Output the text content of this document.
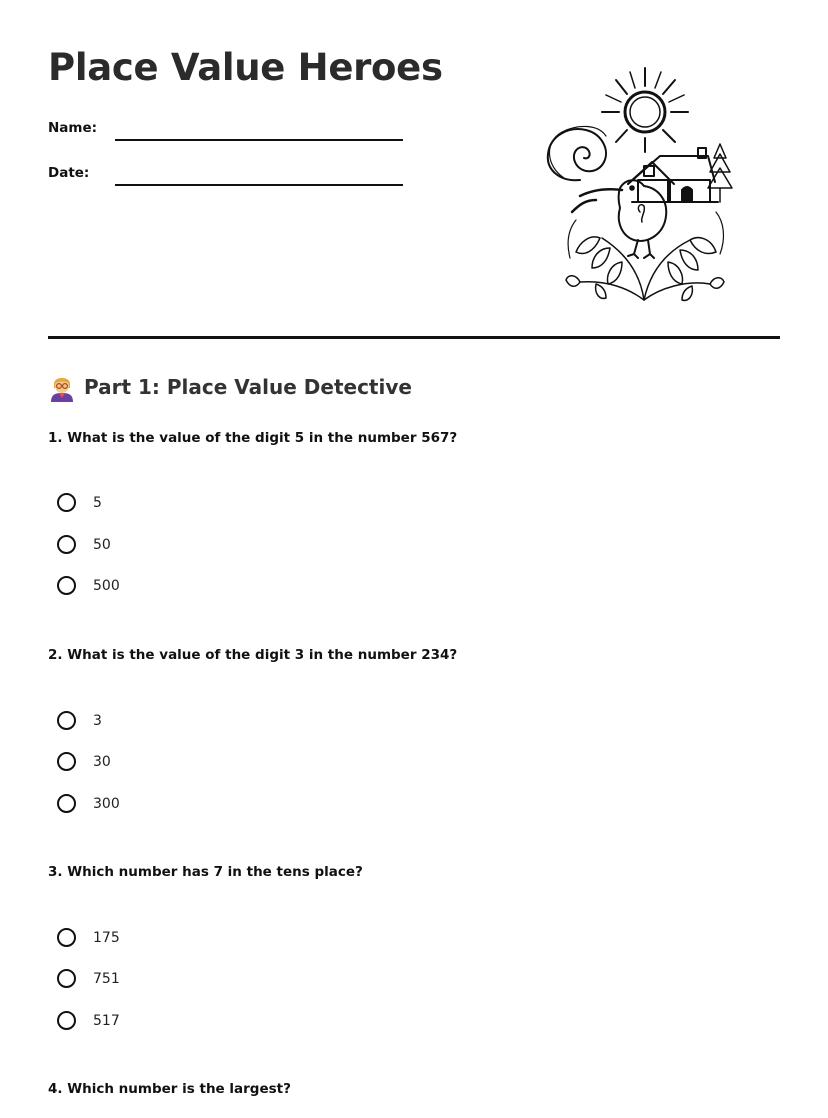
Place Value Heroes
Name:
Date:
Part 1: Place Value Detective

1. What is the value of the digit 5 in the number 567?

5
50
500

2. What is the value of the digit 3 in the number 234?

3
30
300

3. Which number has 7 in the tens place?

175
751
517

4. Which number is the largest?
